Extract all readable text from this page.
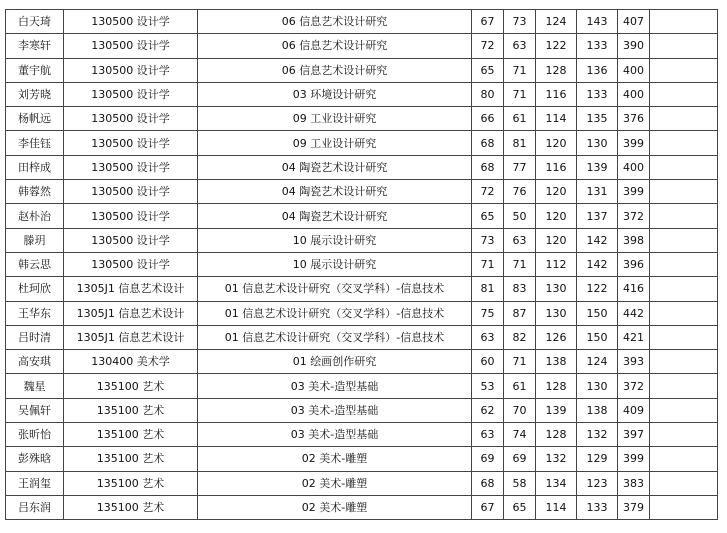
白天琦	130500 设计学	06 信息艺术设计研究	67	73	124	143	407	
李寒轩	130500 设计学	06 信息艺术设计研究	72	63	122	133	390	
董宇航	130500 设计学	06 信息艺术设计研究	65	71	128	136	400	
刘芳晓	130500 设计学	03 环境设计研究	80	71	116	133	400	
杨帆远	130500 设计学	09 工业设计研究	66	61	114	135	376	
李佳钰	130500 设计学	09 工业设计研究	68	81	120	130	399	
田梓成	130500 设计学	04 陶瓷艺术设计研究	68	77	116	139	400	
韩蓉然	130500 设计学	04 陶瓷艺术设计研究	72	76	120	131	399	
赵朴治	130500 设计学	04 陶瓷艺术设计研究	65	50	120	137	372	
滕玥	130500 设计学	10 展示设计研究	73	63	120	142	398	
韩云思	130500 设计学	10 展示设计研究	71	71	112	142	396	
杜珂欣	1305J1 信息艺术设计	01 信息艺术设计研究（交叉学科）-信息技术	81	83	130	122	416	
王华东	1305J1 信息艺术设计	01 信息艺术设计研究（交叉学科）-信息技术	75	87	130	150	442	
吕时清	1305J1 信息艺术设计	01 信息艺术设计研究（交叉学科）-信息技术	63	82	126	150	421	
高安琪	130400 美术学	01 绘画创作研究	60	71	138	124	393	
魏星	135100 艺术	03 美术-造型基础	53	61	128	130	372	
吴佩轩	135100 艺术	03 美术-造型基础	62	70	139	138	409	
张昕怡	135100 艺术	03 美术-造型基础	63	74	128	132	397	
彭殊晗	135100 艺术	02 美术-雕塑	69	69	132	129	399	
王润玺	135100 艺术	02 美术-雕塑	68	58	134	123	383	
吕东润	135100 艺术	02 美术-雕塑	67	65	114	133	379	
